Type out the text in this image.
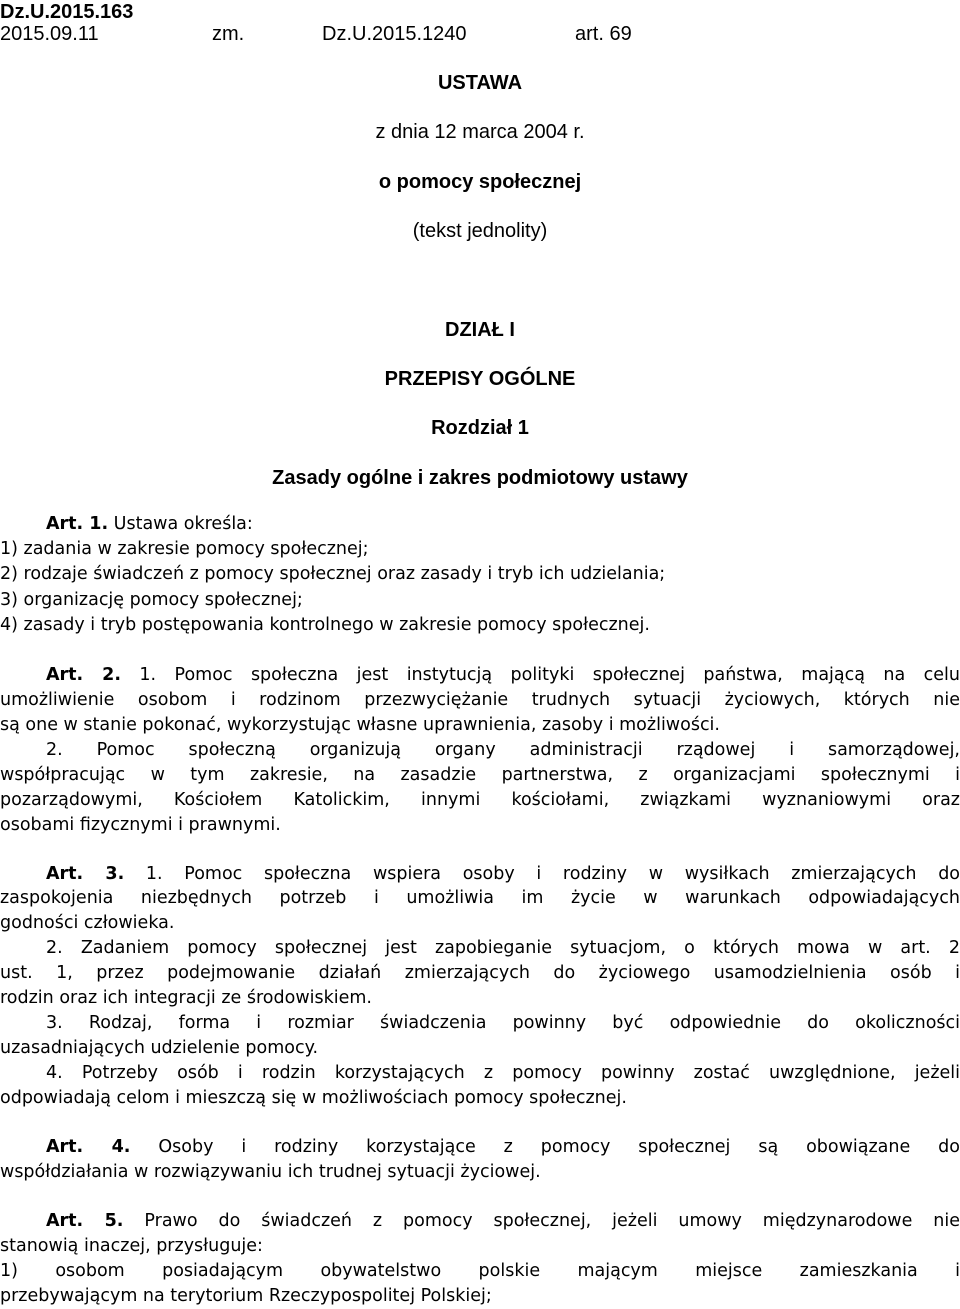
Dz.U.2015.163
2015.09.11	zm.	Dz.U.2015.1240	art. 69
USTAWA
z dnia 12 marca 2004 r.
o pomocy społecznej
(tekst jednolity)
DZIAŁ I
PRZEPISY OGÓLNE
Rozdział 1
Zasady ogólne i zakres podmiotowy ustawy
Art. 1. Ustawa określa:
1) zadania w zakresie pomocy społecznej;
2) rodzaje świadczeń z pomocy społecznej oraz zasady i tryb ich udzielania;
3) organizację pomocy społecznej;
4) zasady i tryb postępowania kontrolnego w zakresie pomocy społecznej.
Art. 2. 1. Pomoc społeczna jest instytucją polityki społecznej państwa, mającą na celu
umożliwienie osobom i rodzinom przezwyciężanie trudnych sytuacji życiowych, których nie
są one w stanie pokonać, wykorzystując własne uprawnienia, zasoby i możliwości.
2. Pomoc społeczną organizują organy administracji rządowej i samorządowej,
współpracując w tym zakresie, na zasadzie partnerstwa, z organizacjami społecznymi i
pozarządowymi, Kościołem Katolickim, innymi kościołami, związkami wyznaniowymi oraz
osobami fizycznymi i prawnymi.
Art. 3. 1. Pomoc społeczna wspiera osoby i rodziny w wysiłkach zmierzających do
zaspokojenia niezbędnych potrzeb i umożliwia im życie w warunkach odpowiadających
godności człowieka.
2. Zadaniem pomocy społecznej jest zapobieganie sytuacjom, o których mowa w art. 2
ust. 1, przez podejmowanie działań zmierzających do życiowego usamodzielnienia osób i
rodzin oraz ich integracji ze środowiskiem.
3. Rodzaj, forma i rozmiar świadczenia powinny być odpowiednie do okoliczności
uzasadniających udzielenie pomocy.
4. Potrzeby osób i rodzin korzystających z pomocy powinny zostać uwzględnione, jeżeli
odpowiadają celom i mieszczą się w możliwościach pomocy społecznej.
Art. 4. Osoby i rodziny korzystające z pomocy społecznej są obowiązane do
współdziałania w rozwiązywaniu ich trudnej sytuacji życiowej.
Art. 5. Prawo do świadczeń z pomocy społecznej, jeżeli umowy międzynarodowe nie
stanowią inaczej, przysługuje:
1) osobom posiadającym obywatelstwo polskie mającym miejsce zamieszkania i
przebywającym na terytorium Rzeczypospolitej Polskiej;
